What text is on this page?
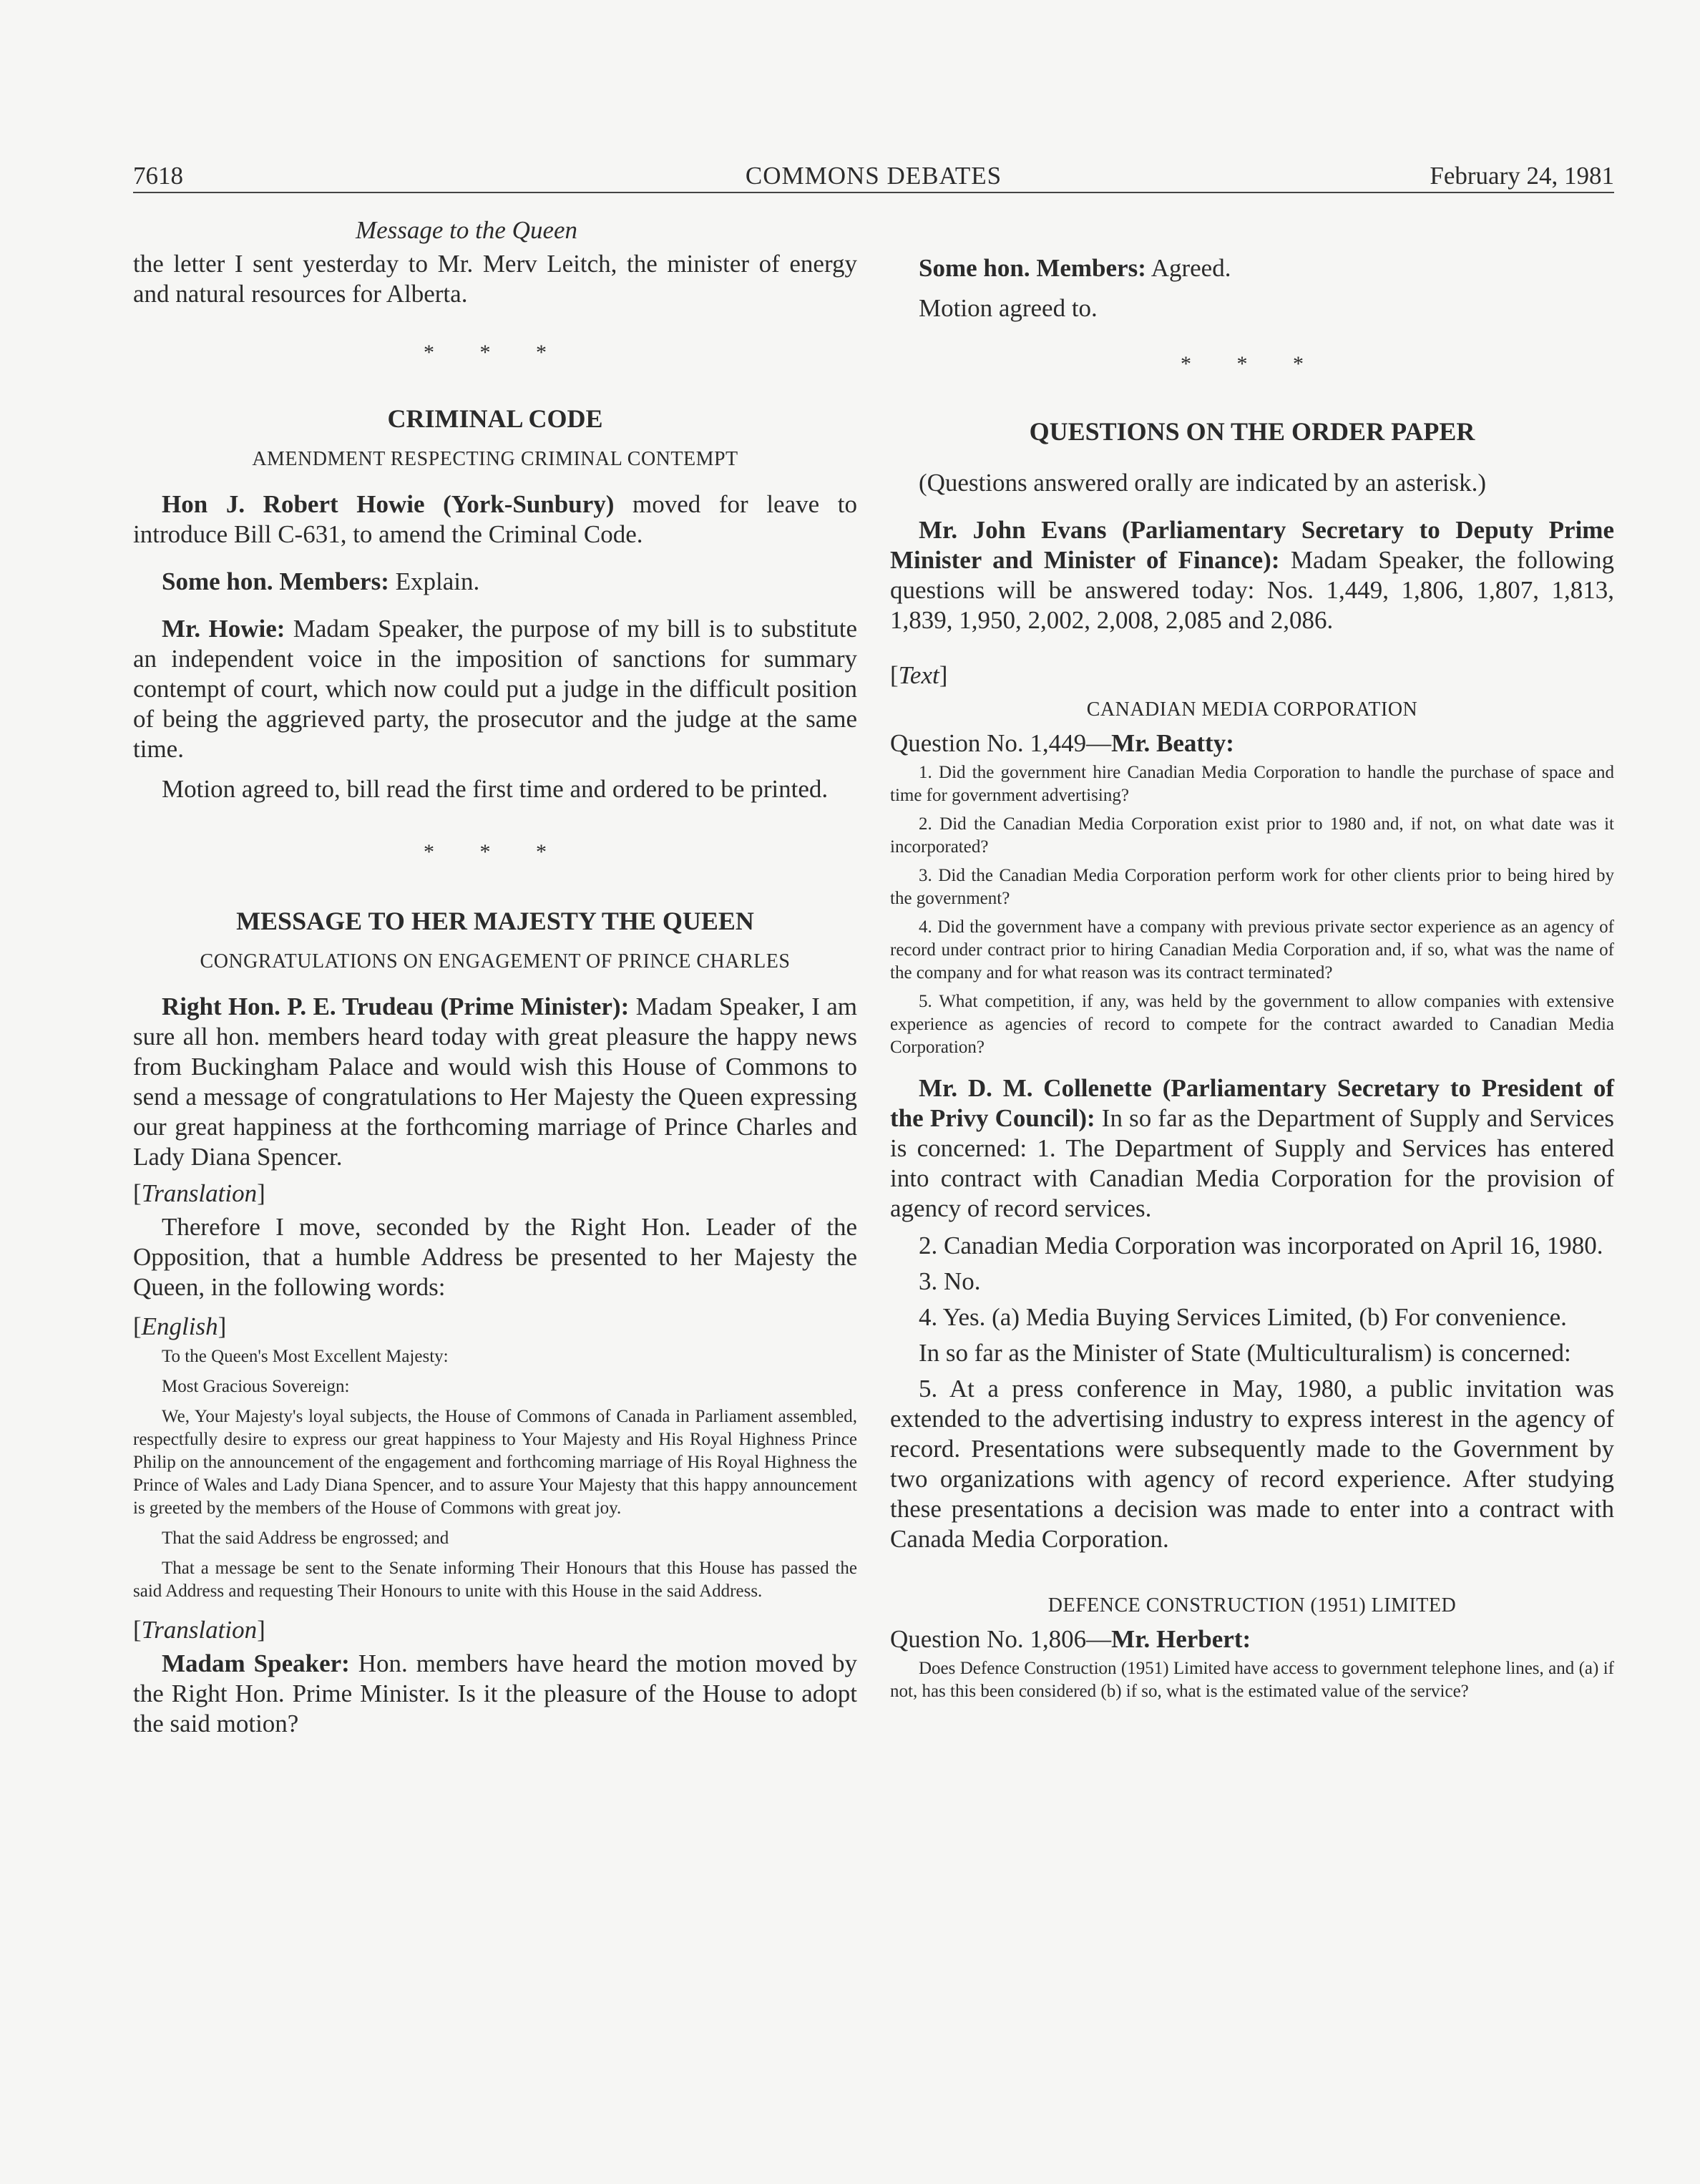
7618	COMMONS DEBATES	February 24, 1981

Message to the Queen

the letter I sent yesterday to Mr. Merv Leitch, the minister of energy and natural resources for Alberta.

* * *

CRIMINAL CODE

AMENDMENT RESPECTING CRIMINAL CONTEMPT

Hon J. Robert Howie (York-Sunbury) moved for leave to introduce Bill C-631, to amend the Criminal Code.

Some hon. Members: Explain.

Mr. Howie: Madam Speaker, the purpose of my bill is to substitute an independent voice in the imposition of sanctions for summary contempt of court, which now could put a judge in the difficult position of being the aggrieved party, the prosecutor and the judge at the same time.

Motion agreed to, bill read the first time and ordered to be printed.

* * *

MESSAGE TO HER MAJESTY THE QUEEN

CONGRATULATIONS ON ENGAGEMENT OF PRINCE CHARLES

Right Hon. P. E. Trudeau (Prime Minister): Madam Speaker, I am sure all hon. members heard today with great pleasure the happy news from Buckingham Palace and would wish this House of Commons to send a message of congratulations to Her Majesty the Queen expressing our great happiness at the forthcoming marriage of Prince Charles and Lady Diana Spencer.

[Translation]

Therefore I move, seconded by the Right Hon. Leader of the Opposition, that a humble Address be presented to her Majesty the Queen, in the following words:

[English]

To the Queen's Most Excellent Majesty:

Most Gracious Sovereign:

We, Your Majesty's loyal subjects, the House of Commons of Canada in Parliament assembled, respectfully desire to express our great happiness to Your Majesty and His Royal Highness Prince Philip on the announcement of the engagement and forthcoming marriage of His Royal Highness the Prince of Wales and Lady Diana Spencer, and to assure Your Majesty that this happy announcement is greeted by the members of the House of Commons with great joy.

That the said Address be engrossed; and

That a message be sent to the Senate informing Their Honours that this House has passed the said Address and requesting Their Honours to unite with this House in the said Address.

[Translation]

Madam Speaker: Hon. members have heard the motion moved by the Right Hon. Prime Minister. Is it the pleasure of the House to adopt the said motion?

Some hon. Members: Agreed.

Motion agreed to.

* * *

QUESTIONS ON THE ORDER PAPER

(Questions answered orally are indicated by an asterisk.)

Mr. John Evans (Parliamentary Secretary to Deputy Prime Minister and Minister of Finance): Madam Speaker, the following questions will be answered today: Nos. 1,449, 1,806, 1,807, 1,813, 1,839, 1,950, 2,002, 2,008, 2,085 and 2,086.

[Text]

CANADIAN MEDIA CORPORATION

Question No. 1,449—Mr. Beatty:

1. Did the government hire Canadian Media Corporation to handle the purchase of space and time for government advertising?

2. Did the Canadian Media Corporation exist prior to 1980 and, if not, on what date was it incorporated?

3. Did the Canadian Media Corporation perform work for other clients prior to being hired by the government?

4. Did the government have a company with previous private sector experience as an agency of record under contract prior to hiring Canadian Media Corporation and, if so, what was the name of the company and for what reason was its contract terminated?

5. What competition, if any, was held by the government to allow companies with extensive experience as agencies of record to compete for the contract awarded to Canadian Media Corporation?

Mr. D. M. Collenette (Parliamentary Secretary to President of the Privy Council): In so far as the Department of Supply and Services is concerned: 1. The Department of Supply and Services has entered into contract with Canadian Media Corporation for the provision of agency of record services.

2. Canadian Media Corporation was incorporated on April 16, 1980.

3. No.

4. Yes. (a) Media Buying Services Limited, (b) For convenience.

In so far as the Minister of State (Multiculturalism) is concerned:

5. At a press conference in May, 1980, a public invitation was extended to the advertising industry to express interest in the agency of record. Presentations were subsequently made to the Government by two organizations with agency of record experience. After studying these presentations a decision was made to enter into a contract with Canada Media Corporation.

DEFENCE CONSTRUCTION (1951) LIMITED

Question No. 1,806—Mr. Herbert:

Does Defence Construction (1951) Limited have access to government telephone lines, and (a) if not, has this been considered (b) if so, what is the estimated value of the service?
